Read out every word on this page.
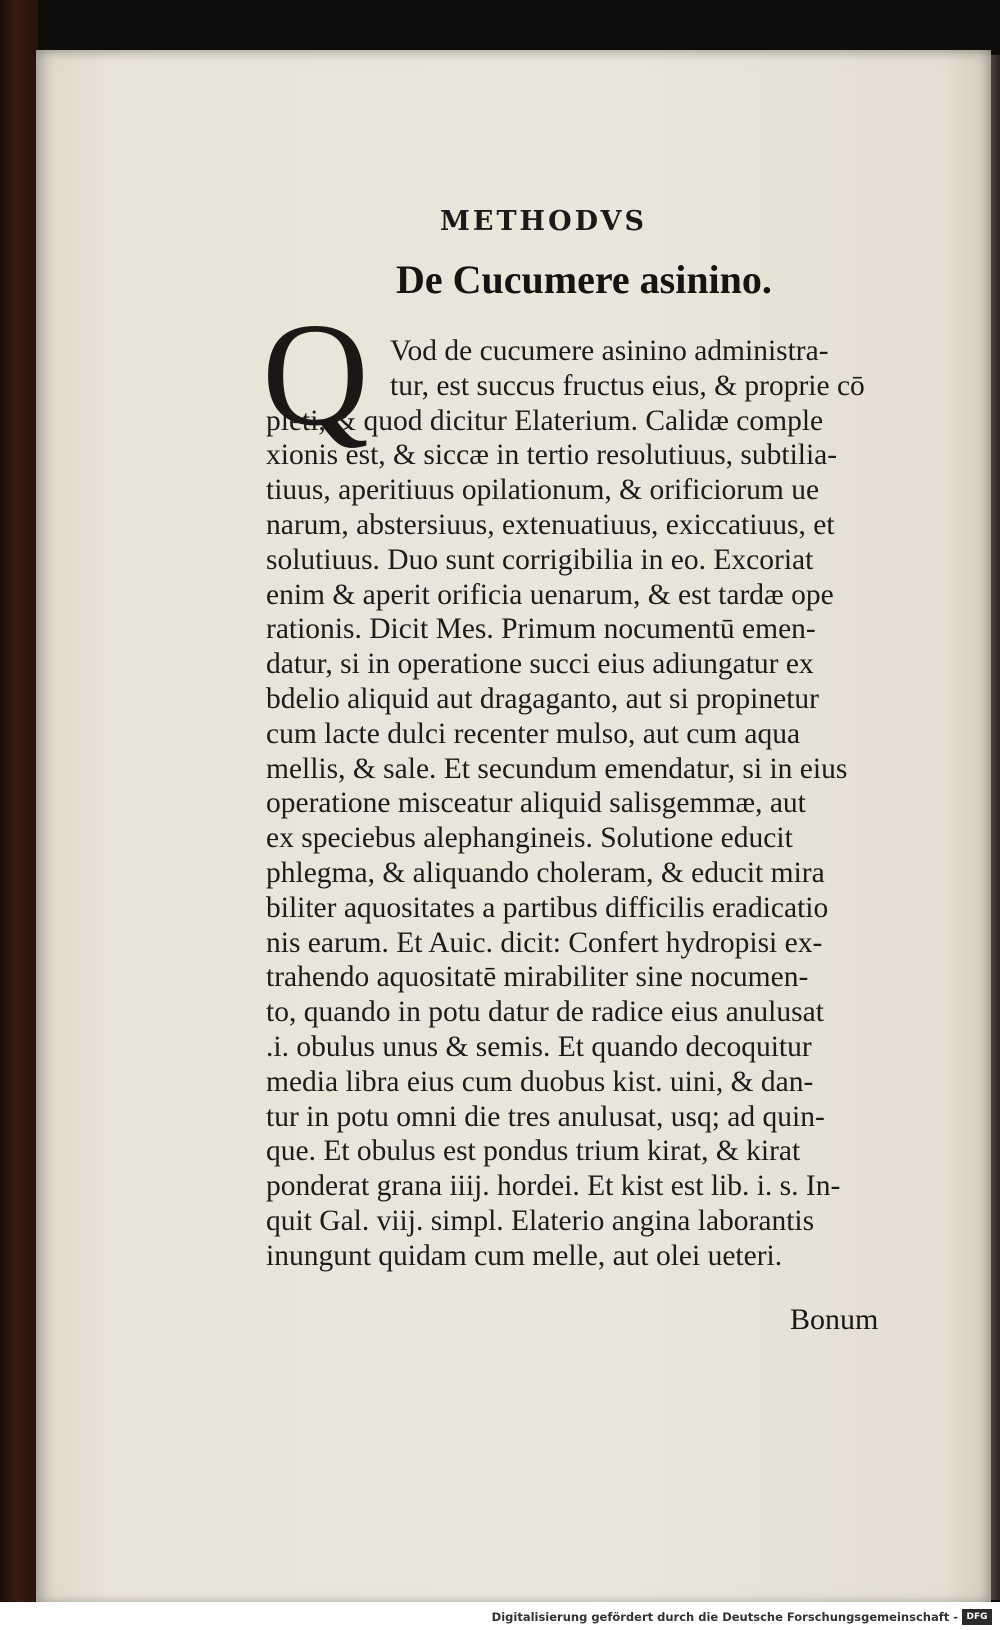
METHODVS
De Cucumere asinino.
Q Vod de cucumere asinino administra-
tur, est succus fructus eius, & proprie cō
pleti, & quod dicitur Elaterium. Calidæ comple
xionis est, & siccæ in tertio resolutiuus, subtilia-
tiuus, aperitiuus opilationum, & orificiorum ue
narum, abstersiuus, extenuatiuus, exiccatiuus, et
solutiuus. Duo sunt corrigibilia in eo. Excoriat
enim & aperit orificia uenarum, & est tardæ ope
rationis. Dicit Mes. Primum nocumentū emen-
datur, si in operatione succi eius adiungatur ex
bdelio aliquid aut dragaganto, aut si propinetur
cum lacte dulci recenter mulso, aut cum aqua
mellis, & sale. Et secundum emendatur, si in eius
operatione misceatur aliquid salisgemmæ, aut
ex speciebus alephangineis. Solutione educit
phlegma, & aliquando choleram, & educit mira
biliter aquositates a partibus difficilis eradicatio
nis earum. Et Auic. dicit: Confert hydropisi ex-
trahendo aquositatē mirabiliter sine nocumen-
to, quando in potu datur de radice eius anulusat
.i. obulus unus & semis. Et quando decoquitur
media libra eius cum duobus kist. uini, & dan-
tur in potu omni die tres anulusat, usq; ad quin-
que. Et obulus est pondus trium kirat, & kirat
ponderat grana iiij. hordei. Et kist est lib. i. s. In-
quit Gal. viij. simpl. Elaterio angina laborantis
inungunt quidam cum melle, aut olei ueteri.
Bonum

Digitalisierung gefördert durch die Deutsche Forschungsgemeinschaft - DFG
